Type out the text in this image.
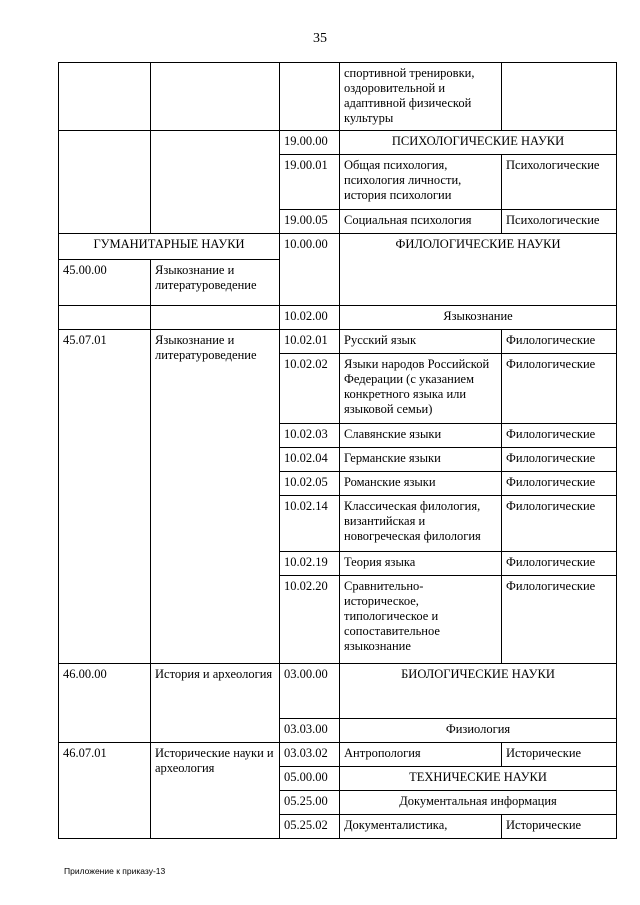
35
			спортивной тренировки, оздоровительной и адаптивной физической культуры	
		19.00.00	ПСИХОЛОГИЧЕСКИЕ НАУКИ	
		19.00.01	Общая психология, психология личности, история психологии	Психологические
		19.00.05	Социальная психология	Психологические
ГУМАНИТАРНЫЕ НАУКИ		10.00.00	ФИЛОЛОГИЧЕСКИЕ НАУКИ	
45.00.00	Языкознание и литературоведение			
		10.02.00	Языкознание	
45.07.01	Языкознание и литературоведение	10.02.01	Русский язык	Филологические
		10.02.02	Языки народов Российской Федерации (с указанием конкретного языка или языковой семьи)	Филологические
		10.02.03	Славянские языки	Филологические
		10.02.04	Германские языки	Филологические
		10.02.05	Романские языки	Филологические
		10.02.14	Классическая филология, византийская и новогреческая филология	Филологические
		10.02.19	Теория языка	Филологические
		10.02.20	Сравнительно-историческое, типологическое и сопоставительное языкознание	Филологические
46.00.00	История и археология	03.00.00	БИОЛОГИЧЕСКИЕ НАУКИ	
		03.03.00	Физиология	
46.07.01	Исторические науки и археология	03.03.02	Антропология	Исторические
		05.00.00	ТЕХНИЧЕСКИЕ НАУКИ	
		05.25.00	Документальная информация	
		05.25.02	Документалистика,	Исторические
Приложение к приказу-13
